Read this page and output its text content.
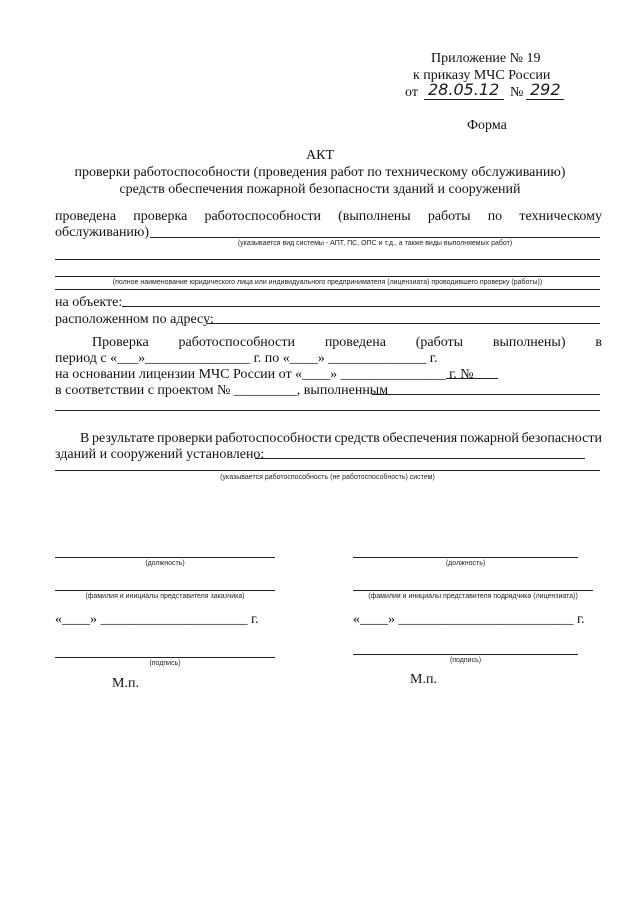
Приложение № 19
к приказу МЧС России
от 28.05.12 № 292
Форма
АКТ
проверки работоспособности (проведения работ по техническому обслуживанию)
средств обеспечения пожарной безопасности зданий и сооружений
проведена проверка работоспособности (выполнены работы по техническому
обслуживанию)
(указывается вид системы - АПТ, ПС, ОПС и т.д., а также виды выполняемых работ)
(полное наименование юридического лица или индивидуального предпринимателя (лицензиата) проводившего проверку (работы))
на объекте:
расположенном по адресу:
Проверка работоспособности проведена (работы выполнены) в
период с «___»_______________ г. по «____» ______________ г.
на основании лицензии МЧС России от «____» _______________ г. №
в соответствии с проектом № _________, выполненным
В результате проверки работоспособности средств обеспечения пожарной безопасности
зданий и сооружений установлено:
(указывается работоспособность (не работоспособность) систем)
(должность)
(фамилия и инициалы представителя заказчика)
«____» _____________________ г.
(подпись)
М.п.
(должность)
(фамилия и инициалы представителя подрядчика (лицензиата))
«____» _________________________ г.
(подпись)
М.п.
